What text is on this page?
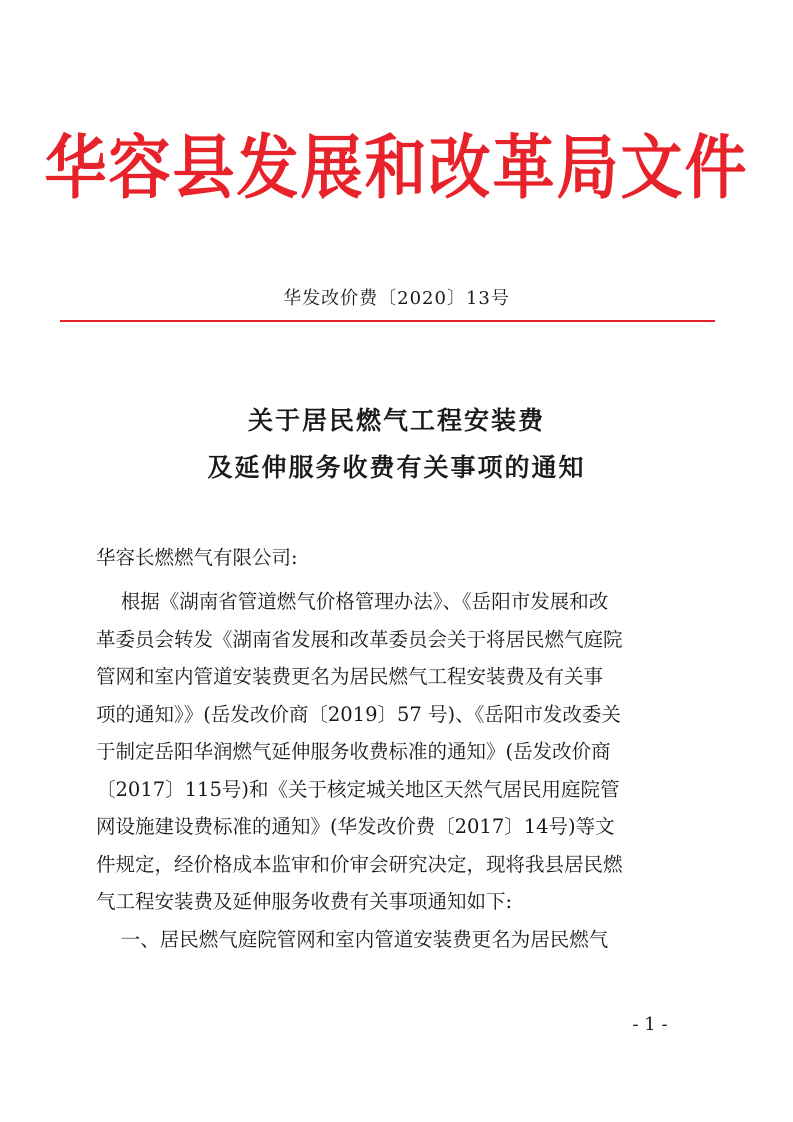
华容县发展和改革局文件
华发改价费〔2020〕13号
关于居民燃气工程安装费
及延伸服务收费有关事项的通知
华容长燃燃气有限公司:
根据《湖南省管道燃气价格管理办法》、《岳阳市发展和改
革委员会转发《湖南省发展和改革委员会关于将居民燃气庭院
管网和室内管道安装费更名为居民燃气工程安装费及有关事
项的通知》》(岳发改价商〔2019〕57 号)、《岳阳市发改委关
于制定岳阳华润燃气延伸服务收费标准的通知》(岳发改价商
〔2017〕115号)和《关于核定城关地区天然气居民用庭院管
网设施建设费标准的通知》(华发改价费〔2017〕14号)等文
件规定，经价格成本监审和价审会研究决定，现将我县居民燃
气工程安装费及延伸服务收费有关事项通知如下:
一、居民燃气庭院管网和室内管道安装费更名为居民燃气
- 1 -
